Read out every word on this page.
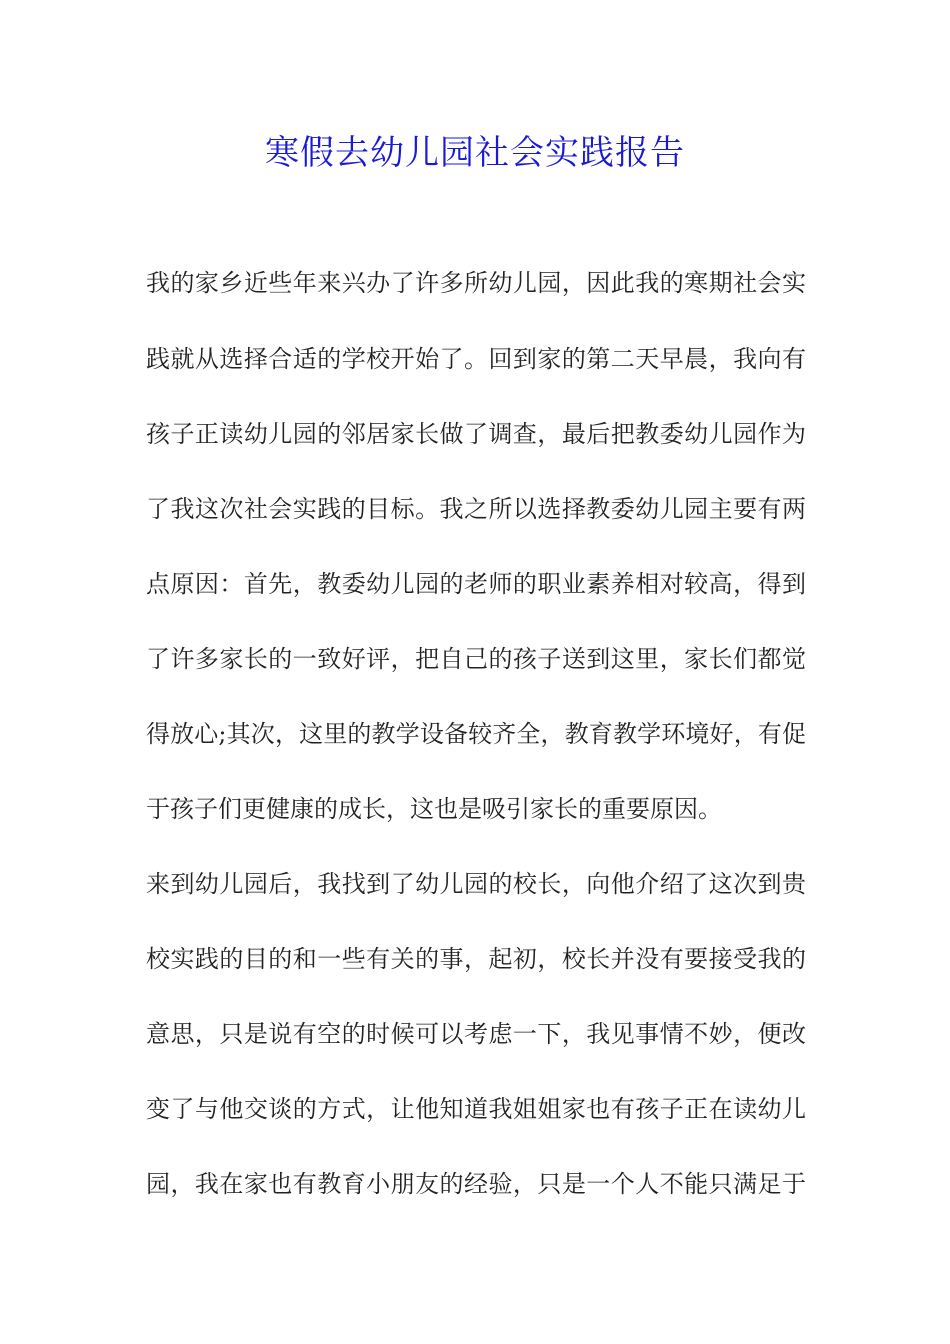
寒假去幼儿园社会实践报告
我的家乡近些年来兴办了许多所幼儿园，因此我的寒期社会实
践就从选择合适的学校开始了。回到家的第二天早晨，我向有
孩子正读幼儿园的邻居家长做了调查，最后把教委幼儿园作为
了我这次社会实践的目标。我之所以选择教委幼儿园主要有两
点原因：首先，教委幼儿园的老师的职业素养相对较高，得到
了许多家长的一致好评，把自己的孩子送到这里，家长们都觉
得放心;其次，这里的教学设备较齐全，教育教学环境好，有促
于孩子们更健康的成长，这也是吸引家长的重要原因。
来到幼儿园后，我找到了幼儿园的校长，向他介绍了这次到贵
校实践的目的和一些有关的事，起初，校长并没有要接受我的
意思，只是说有空的时候可以考虑一下，我见事情不妙，便改
变了与他交谈的方式，让他知道我姐姐家也有孩子正在读幼儿
园，我在家也有教育小朋友的经验，只是一个人不能只满足于
